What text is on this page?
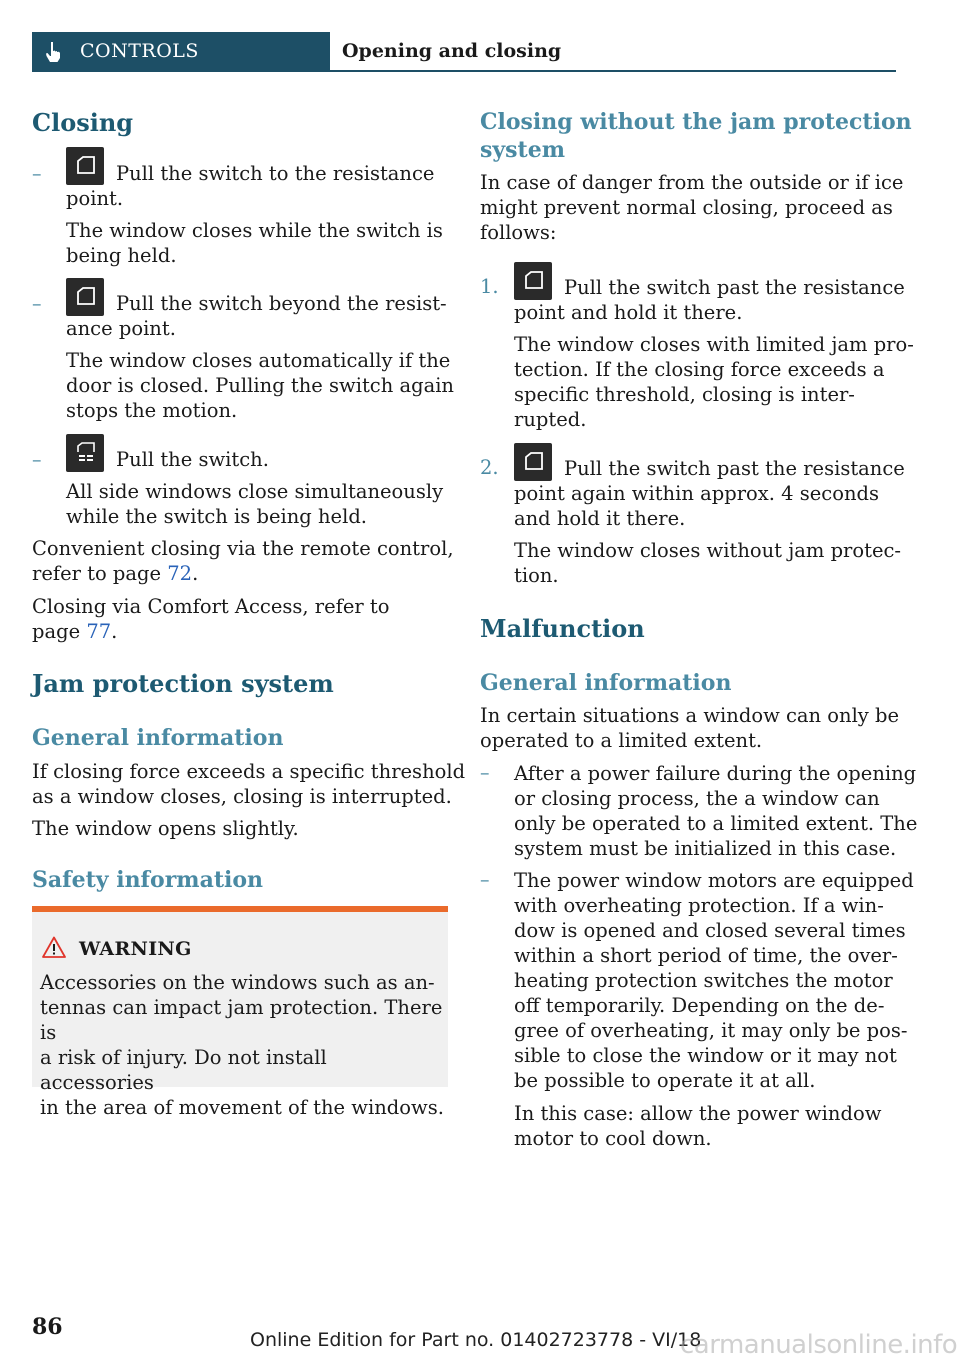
CONTROLS	Opening and closing
Closing
–	Pull the switch to the resistance
point.
The window closes while the switch is
being held.
–	Pull the switch beyond the resist-
ance point.
The window closes automatically if the
door is closed. Pulling the switch again
stops the motion.
–	Pull the switch.
All side windows close simultaneously
while the switch is being held.
Convenient closing via the remote control,
refer to page 72.
Closing via Comfort Access, refer to
page 77.
Jam protection system
General information
If closing force exceeds a specific threshold
as a window closes, closing is interrupted.
The window opens slightly.
Safety information
WARNING
Accessories on the windows such as an-
tennas can impact jam protection. There is
a risk of injury. Do not install accessories
in the area of movement of the windows.
Closing without the jam protection
system
In case of danger from the outside or if ice
might prevent normal closing, proceed as
follows:
1.	Pull the switch past the resistance
point and hold it there.
The window closes with limited jam pro-
tection. If the closing force exceeds a
specific threshold, closing is inter-
rupted.
2.	Pull the switch past the resistance
point again within approx. 4 seconds
and hold it there.
The window closes without jam protec-
tion.
Malfunction
General information
In certain situations a window can only be
operated to a limited extent.
– After a power failure during the opening
or closing process, the a window can
only be operated to a limited extent. The
system must be initialized in this case.
– The power window motors are equipped
with overheating protection. If a win-
dow is opened and closed several times
within a short period of time, the over-
heating protection switches the motor
off temporarily. Depending on the de-
gree of overheating, it may only be pos-
sible to close the window or it may not
be possible to operate it at all.
In this case: allow the power window
motor to cool down.
86	Online Edition for Part no. 01402723778 - VI/18
carmanualsonline.info
